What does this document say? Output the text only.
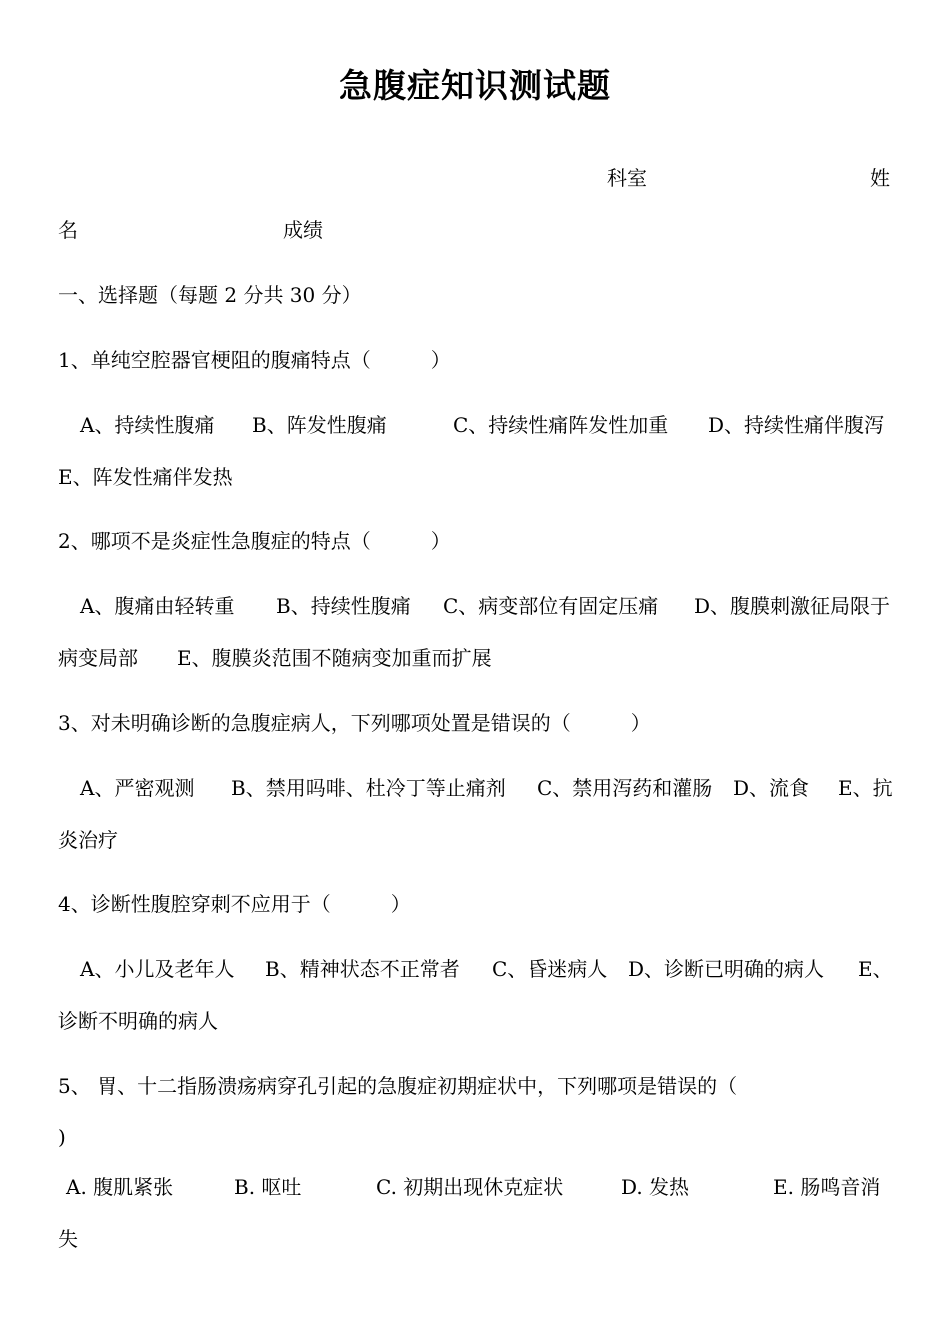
急腹症知识测试题
科室	姓
名	成绩
一、选择题（每题 2 分共 30 分）
1、单纯空腔器官梗阻的腹痛特点（　　　）
A、持续性腹痛 B、阵发性腹痛	C、持续性痛阵发性加重 D、持续性痛伴腹泻
E、阵发性痛伴发热
2、哪项不是炎症性急腹症的特点（　　　）
A、腹痛由轻转重 B、持续性腹痛 C、病变部位有固定压痛 D、腹膜刺激征局限于
病变局部 E、腹膜炎范围不随病变加重而扩展
3、对未明确诊断的急腹症病人，下列哪项处置是错误的（　　　）
A、严密观测 B、禁用吗啡、杜冷丁等止痛剂 C、禁用泻药和灌肠 D、流食 E、抗
炎治疗
4、诊断性腹腔穿刺不应用于（　　　）
A、小儿及老年人 B、精神状态不正常者 C、昏迷病人 D、诊断已明确的病人 E、
诊断不明确的病人
5、 胃、十二指肠溃疡病穿孔引起的急腹症初期症状中，下列哪项是错误的（
)
A. 腹肌紧张	B. 呕吐	C. 初期出现休克症状	D. 发热	E. 肠鸣音消
失
